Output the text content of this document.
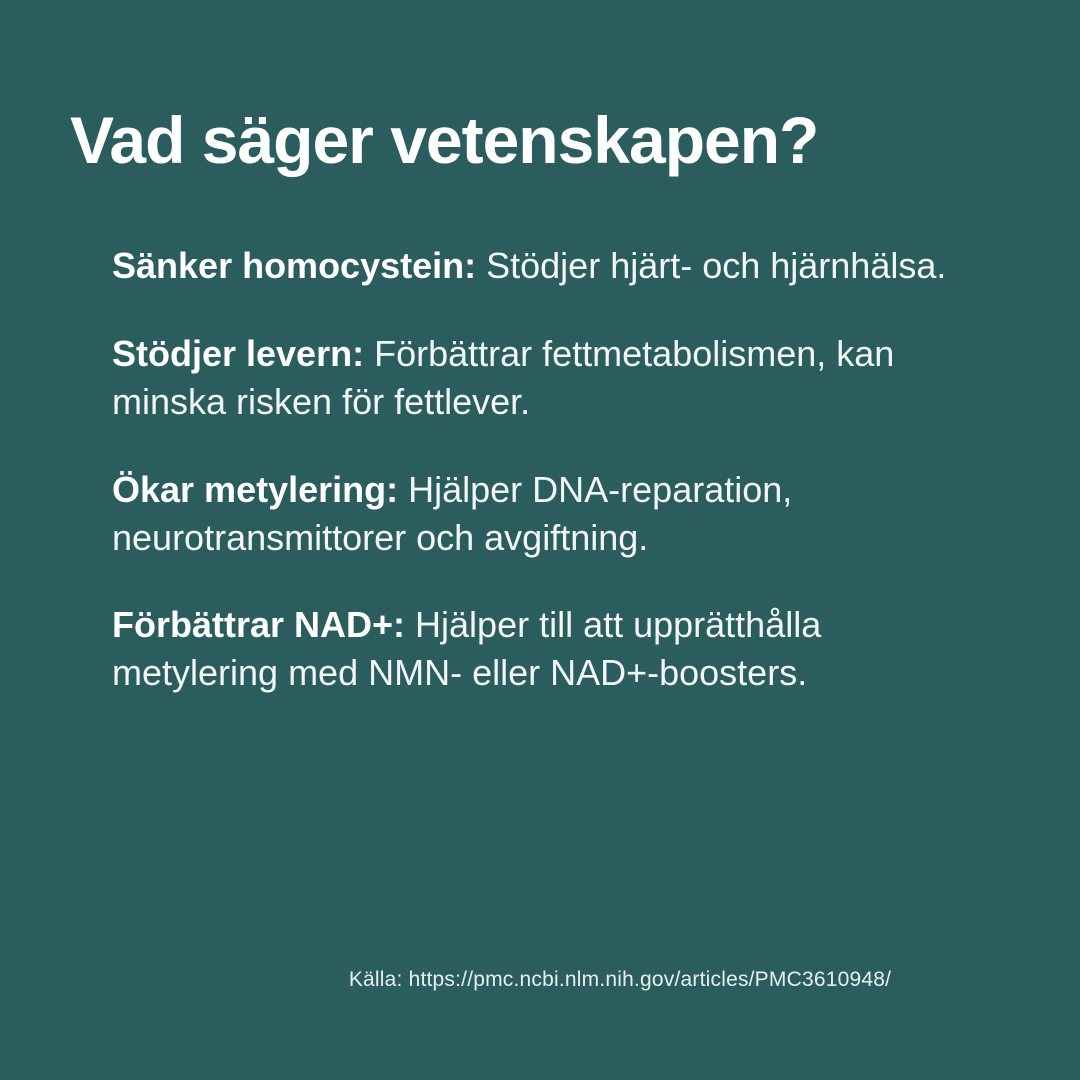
Vad säger vetenskapen?
Sänker homocystein: Stödjer hjärt- och hjärnhälsa.
Stödjer levern: Förbättrar fettmetabolismen, kan minska risken för fettlever.
Ökar metylering: Hjälper DNA-reparation, neurotransmittorer och avgiftning.
Förbättrar NAD+: Hjälper till att upprätthålla metylering med NMN- eller NAD+-boosters.
Källa: https://pmc.ncbi.nlm.nih.gov/articles/PMC3610948/
